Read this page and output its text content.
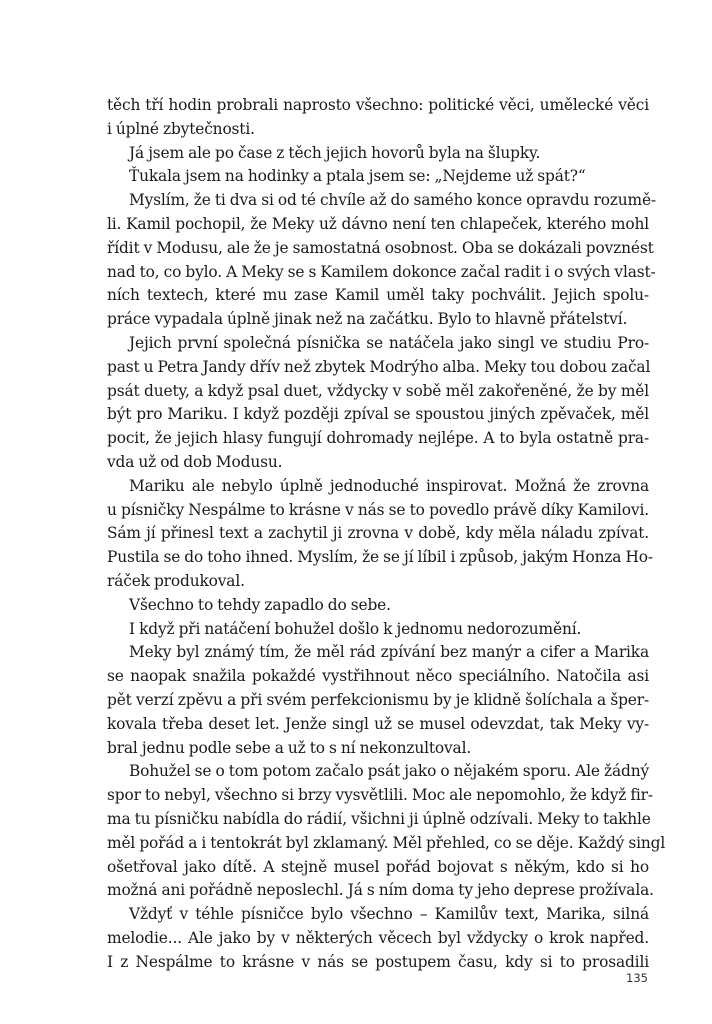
těch tří hodin probrali naprosto všechno: politické věci, umělecké věci
i úplné zbytečnosti.
Já jsem ale po čase z těch jejich hovorů byla na šlupky.
Ťukala jsem na hodinky a ptala jsem se: „Nejdeme už spát?“
Myslím, že ti dva si od té chvíle až do samého konce opravdu rozumě-
li. Kamil pochopil, že Meky už dávno není ten chlapeček, kterého mohl
řídit v Modusu, ale že je samostatná osobnost. Oba se dokázali povznést
nad to, co bylo. A Meky se s Kamilem dokonce začal radit i o svých vlast-
ních textech, které mu zase Kamil uměl taky pochválit. Jejich spolu-
práce vypadala úplně jinak než na začátku. Bylo to hlavně přátelství.
Jejich první společná písnička se natáčela jako singl ve studiu Pro-
past u Petra Jandy dřív než zbytek Modrýho alba. Meky tou dobou začal
psát duety, a když psal duet, vždycky v sobě měl zakořeněné, že by měl
být pro Mariku. I když později zpíval se spoustou jiných zpěvaček, měl
pocit, že jejich hlasy fungují dohromady nejlépe. A to byla ostatně pra-
vda už od dob Modusu.
Mariku ale nebylo úplně jednoduché inspirovat. Možná že zrovna
u písničky Nespálme to krásne v nás se to povedlo právě díky Kamilovi.
Sám jí přinesl text a zachytil ji zrovna v době, kdy měla náladu zpívat.
Pustila se do toho ihned. Myslím, že se jí líbil i způsob, jakým Honza Ho-
ráček produkoval.
Všechno to tehdy zapadlo do sebe.
I když při natáčení bohužel došlo k jednomu nedorozumění.
Meky byl známý tím, že měl rád zpívání bez manýr a cifer a Marika
se naopak snažila pokaždé vystřihnout něco speciálního. Natočila asi
pět verzí zpěvu a při svém perfekcionismu by je klidně šolíchala a šper-
kovala třeba deset let. Jenže singl už se musel odevzdat, tak Meky vy-
bral jednu podle sebe a už to s ní nekonzultoval.
Bohužel se o tom potom začalo psát jako o nějakém sporu. Ale žádný
spor to nebyl, všechno si brzy vysvětlili. Moc ale nepomohlo, že když fir-
ma tu písničku nabídla do rádií, všichni ji úplně odzívali. Meky to takhle
měl pořád a i tentokrát byl zklamaný. Měl přehled, co se děje. Každý singl
ošetřoval jako dítě. A stejně musel pořád bojovat s někým, kdo si ho
možná ani pořádně neposlechl. Já s ním doma ty jeho deprese prožívala.
Vždyť v téhle písničce bylo všechno – Kamilův text, Marika, silná
melodie... Ale jako by v některých věcech byl vždycky o krok napřed.
I z Nespálme to krásne v nás se postupem času, kdy si to prosadili
135
